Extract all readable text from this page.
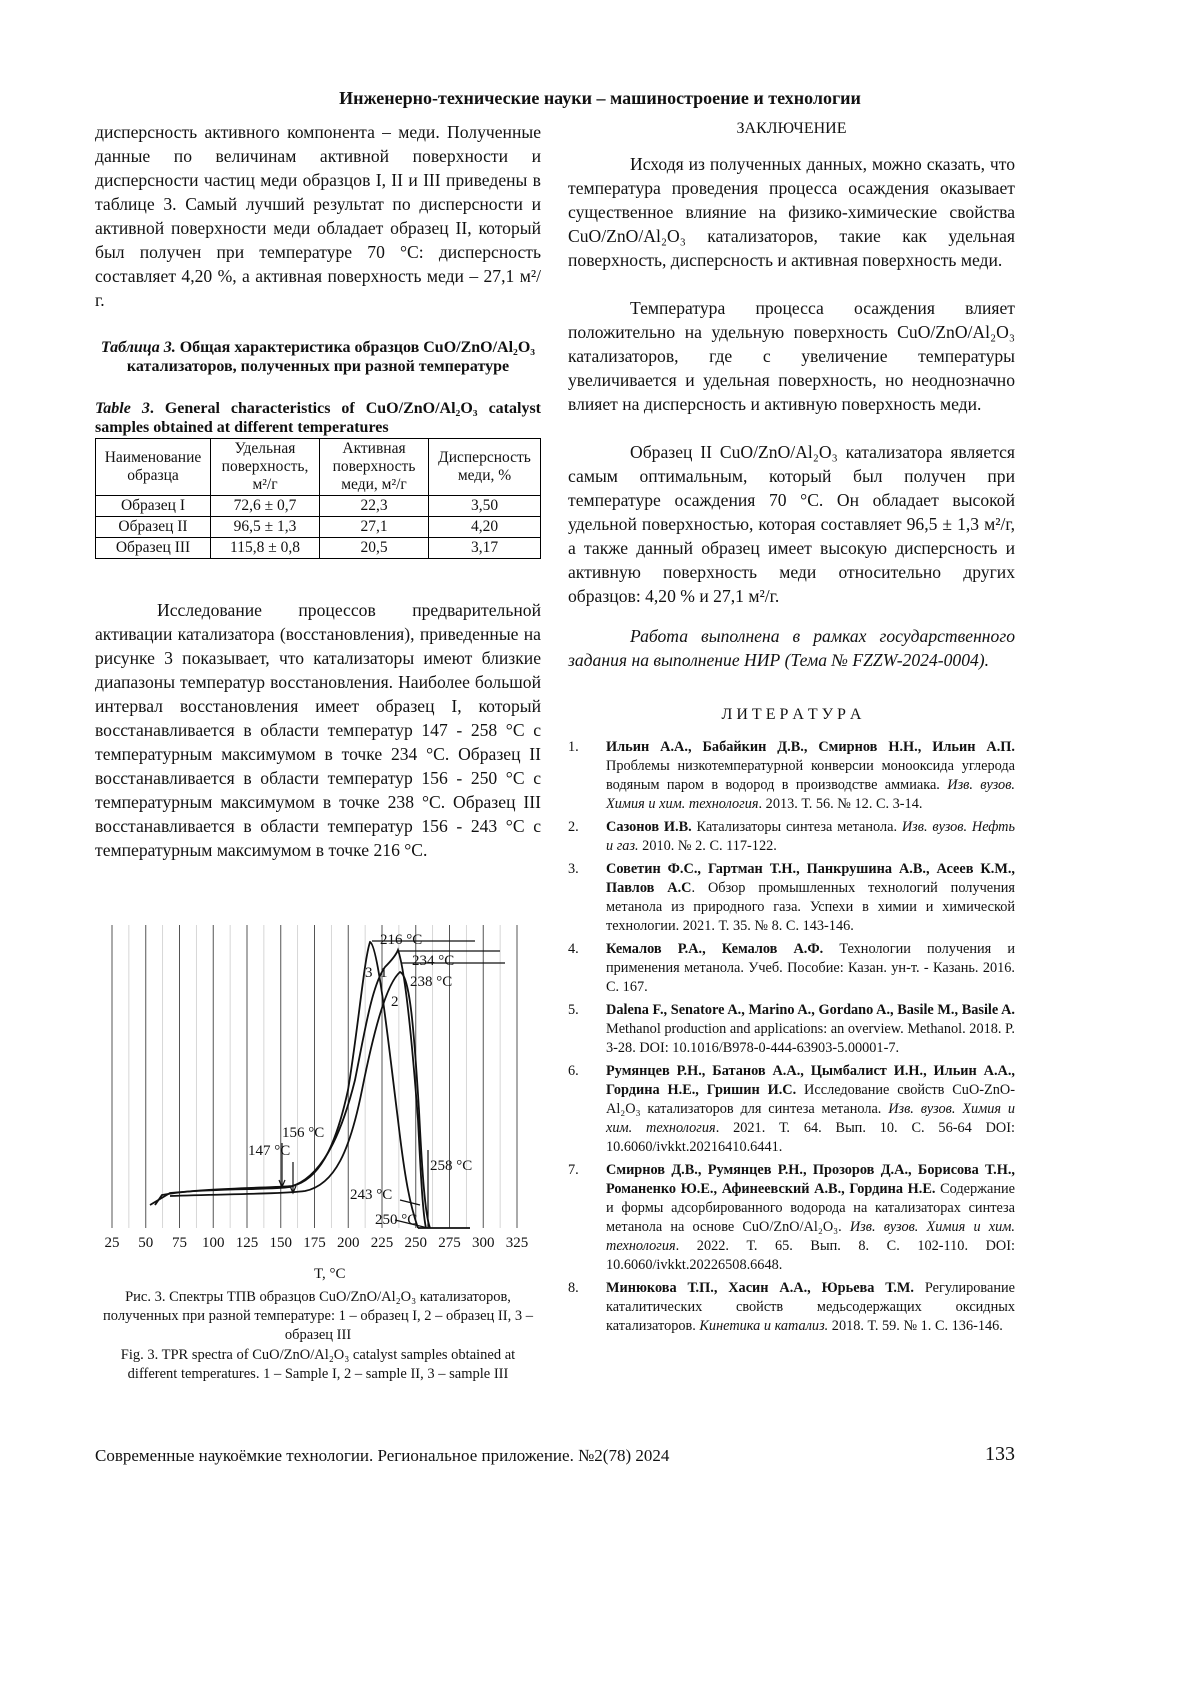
Инженерно-технические науки – машиностроение и технологии

дисперсность активного компонента – меди. Полученные данные по величинам активной поверхности и дисперсности частиц меди образцов I, II и III приведены в таблице 3. Самый лучший результат по дисперсности и активной поверхности меди обладает образец II, который был получен при температуре 70 °С: дисперсность составляет 4,20 %, а активная поверхность меди – 27,1 м²/г.

Таблица 3. Общая характеристика образцов CuO/ZnO/Al₂O₃ катализаторов, полученных при разной температуре
Table 3. General characteristics of CuO/ZnO/Al₂O₃ catalyst samples obtained at different temperatures
Наименование образца	Удельная поверхность, м²/г	Активная поверхность меди, м²/г	Дисперсность меди, %
Образец I	72,6 ± 0,7	22,3	3,50
Образец II	96,5 ± 1,3	27,1	4,20
Образец III	115,8 ± 0,8	20,5	3,17

Исследование процессов предварительной активации катализатора (восстановления), приведенные на рисунке 3 показывает, что катализаторы имеют близкие диапазоны температур восстановления. Наиболее большой интервал восстановления имеет образец I, который восстанавливается в области температур 147 - 258 °С с температурным максимумом в точке 234 °С. Образец II восстанавливается в области температур 156 - 250 °С с температурным максимумом в точке 238 °С. Образец III восстанавливается в области температур 156 - 243 °С с температурным максимумом в точке 216 °С.

25 50 75 100 125 150 175 200 225 250 275 300 325
216 °C
234 °C
238 °C
156 °C
147 °C
258 °C
243 °C
250 °C
3 1
2
T, °C
Рис. 3. Спектры ТПВ образцов CuO/ZnO/Al₂O₃ катализаторов, полученных при разной температуре: 1 – образец I, 2 – образец II, 3 – образец III
Fig. 3. TPR spectra of CuO/ZnO/Al₂O₃ catalyst samples obtained at different temperatures. 1 – Sample I, 2 – sample II, 3 – sample III
ЗАКЛЮЧЕНИЕ

Исходя из полученных данных, можно сказать, что температура проведения процесса осаждения оказывает существенное влияние на физико-химические свойства CuO/ZnO/Al₂O₃ катализаторов, такие как удельная поверхность, дисперсность и активная поверхность меди.

Температура процесса осаждения влияет положительно на удельную поверхность CuO/ZnO/Al₂O₃ катализаторов, где с увеличение температуры увеличивается и удельная поверхность, но неоднозначно влияет на дисперсность и активную поверхность меди.

Образец II CuO/ZnO/Al₂O₃ катализатора является самым оптимальным, который был получен при температуре осаждения 70 °С. Он обладает высокой удельной поверхностью, которая составляет 96,5 ± 1,3 м²/г, а также данный образец имеет высокую дисперсность и активную поверхность меди относительно других образцов: 4,20 % и 27,1 м²/г.

Работа выполнена в рамках государственного задания на выполнение НИР (Тема № FZZW-2024-0004).

Л И Т Е Р А Т У Р А
1.	Ильин А.А., Бабайкин Д.В., Смирнов Н.Н., Ильин А.П. Проблемы низкотемпературной конверсии монооксида углерода водяным паром в водород в производстве аммиака. Изв. вузов. Химия и хим. технология. 2013. Т. 56. № 12. С. 3-14.
2.	Сазонов И.В. Катализаторы синтеза метанола. Изв. вузов. Нефть и газ. 2010. № 2. С. 117-122.
3.	Советин Ф.С., Гартман Т.Н., Панкрушина А.В., Асеев К.М., Павлов А.С. Обзор промышленных технологий получения метанола из природного газа. Успехи в химии и химической технологии. 2021. Т. 35. № 8. С. 143-146.
4.	Кемалов Р.А., Кемалов А.Ф. Технологии получения и применения метанола. Учеб. Пособие: Казан. ун-т. - Казань. 2016. С. 167.
5.	Dalena F., Senatore A., Marino A., Gordano A., Basile M., Basile A. Methanol production and applications: an overview. Methanol. 2018. P. 3-28. DOI: 10.1016/B978-0-444-63903-5.00001-7.
6.	Румянцев Р.Н., Батанов А.А., Цымбалист И.Н., Ильин А.А., Гордина Н.Е., Гришин И.С. Исследование свойств CuO-ZnO-Al₂O₃ катализаторов для синтеза метанола. Изв. вузов. Химия и хим. технология. 2021. Т. 64. Вып. 10. С. 56-64 DOI: 10.6060/ivkkt.20216410.6441.
7.	Смирнов Д.В., Румянцев Р.Н., Прозоров Д.А., Борисова Т.Н., Романенко Ю.Е., Афинеевский А.В., Гордина Н.Е. Содержание и формы адсорбированного водорода на катализаторах синтеза метанола на основе CuO/ZnO/Al₂O₃. Изв. вузов. Химия и хим. технология. 2022. Т. 65. Вып. 8. С. 102-110. DOI: 10.6060/ivkkt.20226508.6648.
8.	Минюкова Т.П., Хасин А.А., Юрьева Т.М. Регулирование каталитических свойств медьсодержащих оксидных катализаторов. Кинетика и катализ. 2018. Т. 59. № 1. С. 136-146.
Современные наукоёмкие технологии. Региональное приложение. №2(78) 2024	133
